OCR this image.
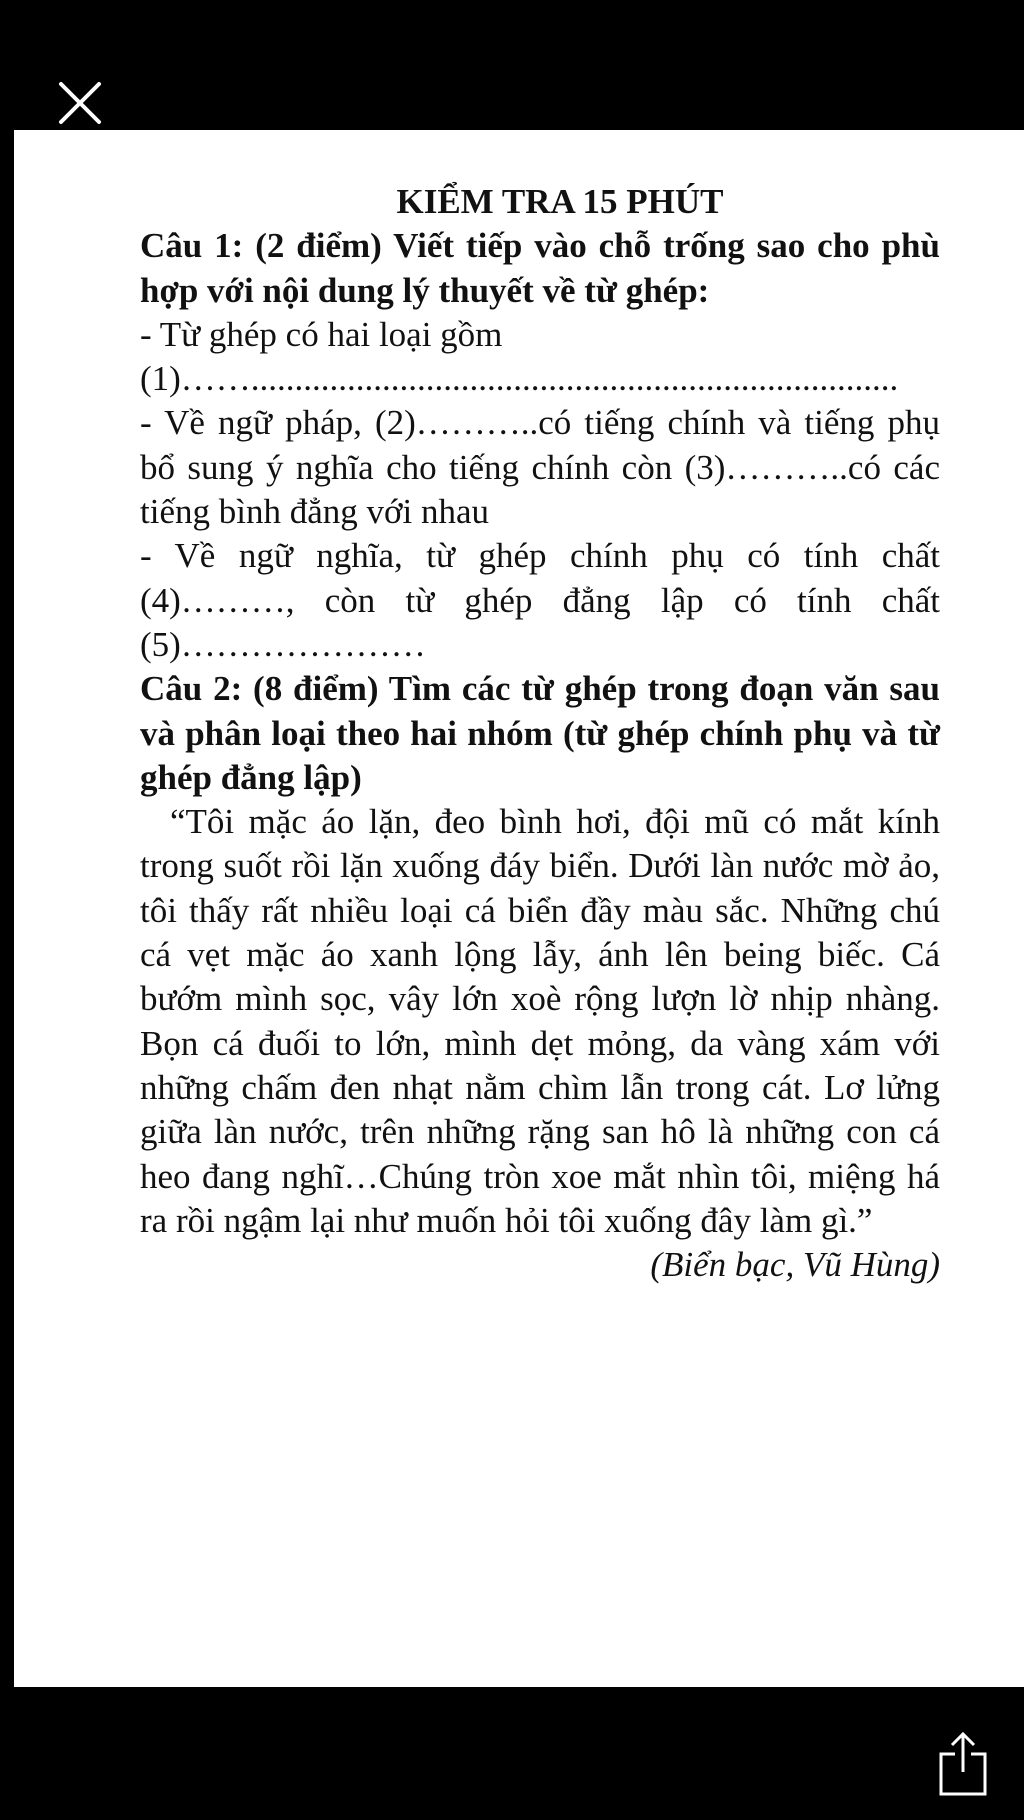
KIỂM TRA 15 PHÚT

Câu 1: (2 điểm) Viết tiếp vào chỗ trống sao cho phù hợp với nội dung lý thuyết về từ ghép:

- Từ ghép có hai loại gồm

(1)……..........................................................................

- Về ngữ pháp, (2)………..có tiếng chính và tiếng phụ bổ sung ý nghĩa cho tiếng chính còn (3)………..có các tiếng bình đẳng với nhau

- Về ngữ nghĩa, từ ghép chính phụ có tính chất (4)………, còn từ ghép đẳng lập có tính chất (5)…………………

Câu 2: (8 điểm) Tìm các từ ghép trong đoạn văn sau và phân loại theo hai nhóm (từ ghép chính phụ và từ ghép đẳng lập)

“Tôi mặc áo lặn, đeo bình hơi, đội mũ có mắt kính trong suốt rồi lặn xuống đáy biển. Dưới làn nước mờ ảo, tôi thấy rất nhiều loại cá biển đầy màu sắc. Những chú cá vẹt mặc áo xanh lộng lẫy, ánh lên being biếc. Cá bướm mình sọc, vây lớn xoè rộng lượn lờ nhịp nhàng. Bọn cá đuối to lớn, mình dẹt mỏng, da vàng xám với những chấm đen nhạt nằm chìm lẫn trong cát. Lơ lửng giữa làn nước, trên những rặng san hô là những con cá heo đang nghĩ…Chúng tròn xoe mắt nhìn tôi, miệng há ra rồi ngậm lại như muốn hỏi tôi xuống đây làm gì.”

(Biển bạc, Vũ Hùng)
